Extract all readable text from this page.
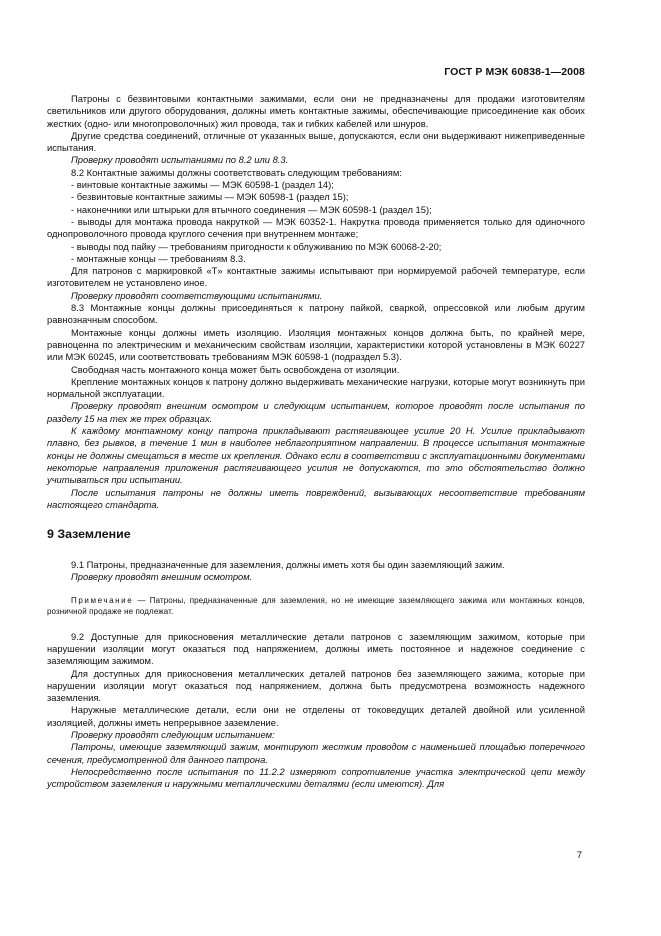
ГОСТ Р МЭК 60838-1—2008

Патроны с безвинтовыми контактными зажимами, если они не предназначены для продажи изготовителям светильников или другого оборудования, должны иметь контактные зажимы, обеспечивающие присоединение как обоих жестких (одно- или многопроволочных) жил провода, так и гибких кабелей или шнуров.

Другие средства соединений, отличные от указанных выше, допускаются, если они выдерживают нижеприведенные испытания.

Проверку проводят испытаниями по 8.2 или 8.3.

8.2 Контактные зажимы должны соответствовать следующим требованиям:

- винтовые контактные зажимы — МЭК 60598-1 (раздел 14);

- безвинтовые контактные зажимы — МЭК 60598-1 (раздел 15);

- наконечники или штырьки для втычного соединения — МЭК 60598-1 (раздел 15);

- выводы для монтажа провода накруткой — МЭК 60352-1. Накрутка провода применяется только для одиночного однопроволочного провода круглого сечения при внутреннем монтаже;

- выводы под пайку — требованиям пригодности к облуживанию по МЭК 60068-2-20;

- монтажные концы — требованиям 8.3.

Для патронов с маркировкой «T» контактные зажимы испытывают при нормируемой рабочей температуре, если изготовителем не установлено иное.

Проверку проводят соответствующими испытаниями.

8.3 Монтажные концы должны присоединяться к патрону пайкой, сваркой, опрессовкой или любым другим равнозначным способом.

Монтажные концы должны иметь изоляцию. Изоляция монтажных концов должна быть, по крайней мере, равноценна по электрическим и механическим свойствам изоляции, характеристики которой установлены в МЭК 60227 или МЭК 60245, или соответствовать требованиям МЭК 60598-1 (подраздел 5.3).

Свободная часть монтажного конца может быть освобождена от изоляции.

Крепление монтажных концов к патрону должно выдерживать механические нагрузки, которые могут возникнуть при нормальной эксплуатации.

Проверку проводят внешним осмотром и следующим испытанием, которое проводят после испытания по разделу 15 на тех же трех образцах.

К каждому монтажному концу патрона прикладывают растягивающее усилие 20 Н. Усилие прикладывают плавно, без рывков, в течение 1 мин в наиболее неблагоприятном направлении. В процессе испытания монтажные концы не должны смещаться в месте их крепления. Однако если в соответствии с эксплуатационными документами некоторые направления приложения растягивающего усилия не допускаются, то это обстоятельство должно учитываться при испытании.

После испытания патроны не должны иметь повреждений, вызывающих несоответствие требованиям настоящего стандарта.

9 Заземление

9.1 Патроны, предназначенные для заземления, должны иметь хотя бы один заземляющий зажим.

Проверку проводят внешним осмотром.

Примечание — Патроны, предназначенные для заземления, но не имеющие заземляющего зажима или монтажных концов, розничной продаже не подлежат.

9.2 Доступные для прикосновения металлические детали патронов с заземляющим зажимом, которые при нарушении изоляции могут оказаться под напряжением, должны иметь постоянное и надежное соединение с заземляющим зажимом.

Для доступных для прикосновения металлических деталей патронов без заземляющего зажима, которые при нарушении изоляции могут оказаться под напряжением, должна быть предусмотрена возможность надежного заземления.

Наружные металлические детали, если они не отделены от токоведущих деталей двойной или усиленной изоляцией, должны иметь непрерывное заземление.

Проверку проводят следующим испытанием:

Патроны, имеющие заземляющий зажим, монтируют жестким проводом с наименьшей площадью поперечного сечения, предусмотренной для данного патрона.

Непосредственно после испытания по 11.2.2 измеряют сопротивление участка электрической цепи между устройством заземления и наружными металлическими деталями (если имеются). Для

7
